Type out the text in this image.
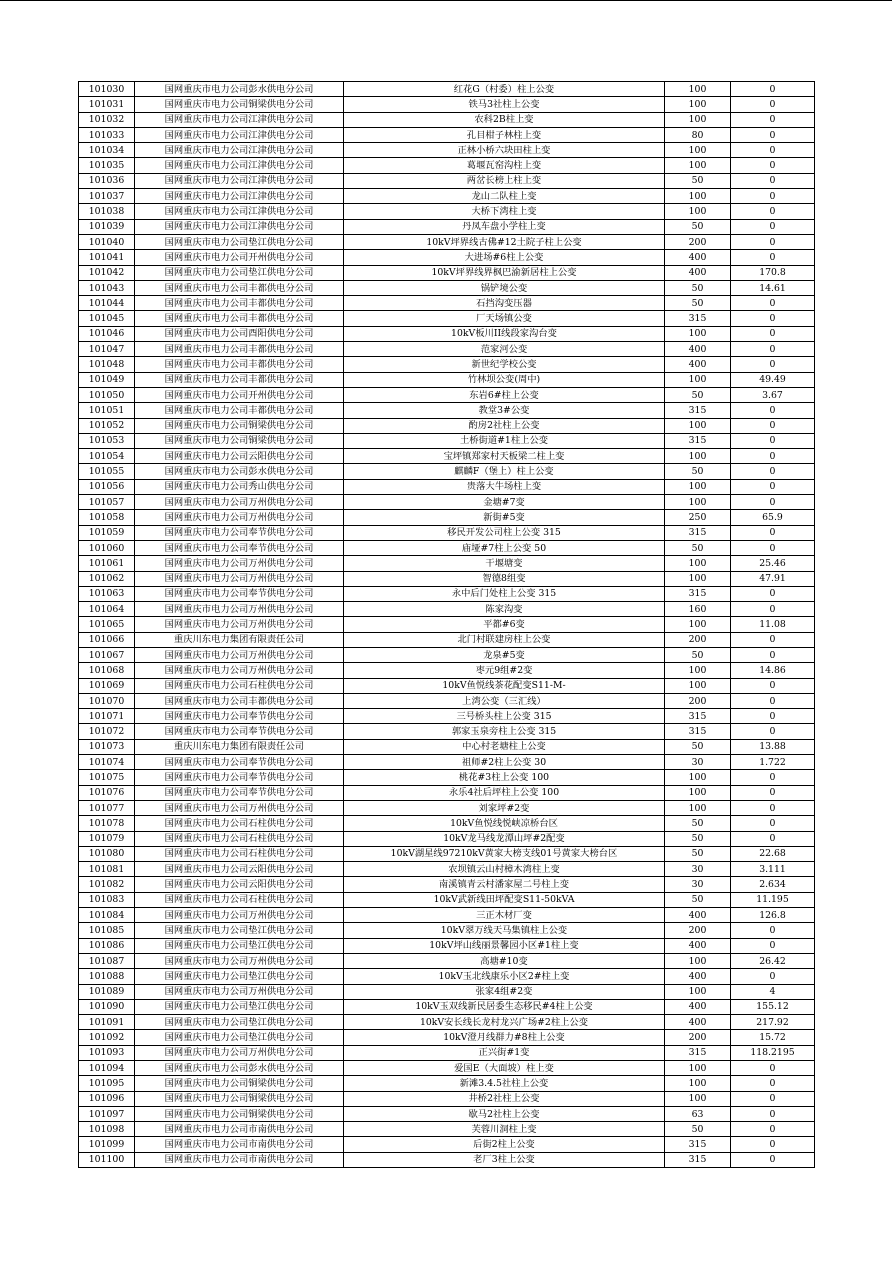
101030	国网重庆市电力公司彭水供电分公司	红花G（村委）柱上公变	100	0
101031	国网重庆市电力公司铜梁供电分公司	铁马3社柱上公变	100	0
101032	国网重庆市电力公司江津供电分公司	农科2B柱上变	100	0
101033	国网重庆市电力公司江津供电分公司	孔目柑子林柱上变	80	0
101034	国网重庆市电力公司江津供电分公司	正林小桥六块田柱上变	100	0
101035	国网重庆市电力公司江津供电分公司	葛堰瓦窑沟柱上变	100	0
101036	国网重庆市电力公司江津供电分公司	两岔长榜上柱上变	50	0
101037	国网重庆市电力公司江津供电分公司	龙山二队柱上变	100	0
101038	国网重庆市电力公司江津供电分公司	大桥下湾柱上变	100	0
101039	国网重庆市电力公司江津供电分公司	丹凤车盘小学柱上变	50	0
101040	国网重庆市电力公司垫江供电分公司	10kV坪界线古佛#12土院子柱上公变	200	0
101041	国网重庆市电力公司开州供电分公司	大进场#6柱上公变	400	0
101042	国网重庆市电力公司垫江供电分公司	10kV坪界线界枫巴渝新居柱上公变	400	170.8
101043	国网重庆市电力公司丰都供电分公司	锅铲境公变	50	14.61
101044	国网重庆市电力公司丰都供电分公司	石挡沟变压器	50	0
101045	国网重庆市电力公司丰都供电分公司	厂天场镇公变	315	0
101046	国网重庆市电力公司酉阳供电分公司	10kV板川II线段家沟台变	100	0
101047	国网重庆市电力公司丰都供电分公司	范家河公变	400	0
101048	国网重庆市电力公司丰都供电分公司	新世纪学校公变	400	0
101049	国网重庆市电力公司丰都供电分公司	竹林坝公变(周中)	100	49.49
101050	国网重庆市电力公司开州供电分公司	东岩6#柱上公变	50	3.67
101051	国网重庆市电力公司丰都供电分公司	教堂3#公变	315	0
101052	国网重庆市电力公司铜梁供电分公司	酌房2社柱上公变	100	0
101053	国网重庆市电力公司铜梁供电分公司	土桥街道#1柱上公变	315	0
101054	国网重庆市电力公司云阳供电分公司	宝坪镇郑家村天板梁二柱上变	100	0
101055	国网重庆市电力公司彭水供电分公司	麒麟F（堡上）柱上公变	50	0
101056	国网重庆市电力公司秀山供电分公司	贵落大牛场柱上变	100	0
101057	国网重庆市电力公司万州供电分公司	金塘#7变	100	0
101058	国网重庆市电力公司万州供电分公司	新街#5变	250	65.9
101059	国网重庆市电力公司奉节供电分公司	移民开发公司柱上公变 315	315	0
101060	国网重庆市电力公司奉节供电分公司	庙垭#7柱上公变 50	50	0
101061	国网重庆市电力公司万州供电分公司	干堰塘变	100	25.46
101062	国网重庆市电力公司万州供电分公司	智德8组变	100	47.91
101063	国网重庆市电力公司奉节供电分公司	永中后门处柱上公变 315	315	0
101064	国网重庆市电力公司万州供电分公司	陈家沟变	160	0
101065	国网重庆市电力公司万州供电分公司	平都#6变	100	11.08
101066	重庆川东电力集团有限责任公司	北门村联建房柱上公变	200	0
101067	国网重庆市电力公司万州供电分公司	龙泉#5变	50	0
101068	国网重庆市电力公司万州供电分公司	枣元9组#2变	100	14.86
101069	国网重庆市电力公司石柱供电分公司	10kV鱼悦线茶花配变S11-M-	100	0
101070	国网重庆市电力公司丰都供电分公司	上湾公变（三汇线）	200	0
101071	国网重庆市电力公司奉节供电分公司	三号桥头柱上公变 315	315	0
101072	国网重庆市电力公司奉节供电分公司	郭家玉泉旁柱上公变 315	315	0
101073	重庆川东电力集团有限责任公司	中心村老塘柱上公变	50	13.88
101074	国网重庆市电力公司奉节供电分公司	祖师#2柱上公变 30	30	1.722
101075	国网重庆市电力公司奉节供电分公司	桃花#3柱上公变 100	100	0
101076	国网重庆市电力公司奉节供电分公司	永乐4社后坪柱上公变 100	100	0
101077	国网重庆市电力公司万州供电分公司	刘家坪#2变	100	0
101078	国网重庆市电力公司石柱供电分公司	10kV鱼悦线悦峡凉桥台区	50	0
101079	国网重庆市电力公司石柱供电分公司	10kV龙马线龙潭山坪#2配变	50	0
101080	国网重庆市电力公司石柱供电分公司	10kV湖星线97210kV黄家大榜支线01号黄家大榜台区	50	22.68
101081	国网重庆市电力公司云阳供电分公司	农坝镇云山村樟木湾柱上变	30	3.111
101082	国网重庆市电力公司云阳供电分公司	南溪镇青云村潘家屋二号柱上变	30	2.634
101083	国网重庆市电力公司石柱供电分公司	10kV武新线田坪配变S11-50kVA	50	11.195
101084	国网重庆市电力公司万州供电分公司	三正木材厂变	400	126.8
101085	国网重庆市电力公司垫江供电分公司	10kV翠万线天马集镇柱上公变	200	0
101086	国网重庆市电力公司垫江供电分公司	10kV坪山线丽景馨园小区#1柱上变	400	0
101087	国网重庆市电力公司万州供电分公司	高塘#10变	100	26.42
101088	国网重庆市电力公司垫江供电分公司	10kV玉北线康乐小区2#柱上变	400	0
101089	国网重庆市电力公司万州供电分公司	张家4组#2变	100	4
101090	国网重庆市电力公司垫江供电分公司	10kV玉双线新民居委生态移民#4柱上公变	400	155.12
101091	国网重庆市电力公司垫江供电分公司	10kV安长线长龙村龙兴广场#2柱上公变	400	217.92
101092	国网重庆市电力公司垫江供电分公司	10kV澄月线群力#8柱上公变	200	15.72
101093	国网重庆市电力公司万州供电分公司	正兴街#1变	315	118.2195
101094	国网重庆市电力公司彭水供电分公司	爱国E（大面坡）柱上变	100	0
101095	国网重庆市电力公司铜梁供电分公司	新滩3.4.5社柱上公变	100	0
101096	国网重庆市电力公司铜梁供电分公司	井桥2社柱上公变	100	0
101097	国网重庆市电力公司铜梁供电分公司	歇马2社柱上公变	63	0
101098	国网重庆市电力公司市南供电分公司	芙蓉川洞柱上变	50	0
101099	国网重庆市电力公司市南供电分公司	后街2柱上公变	315	0
101100	国网重庆市电力公司市南供电分公司	老厂3柱上公变	315	0
